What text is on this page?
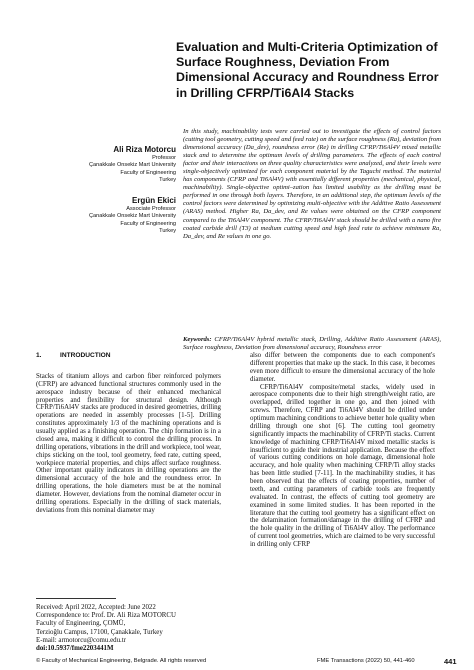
Evaluation and Multi-Criteria Optimization of Surface Roughness, Deviation From Dimensional Accuracy and Roundness Error in Drilling CFRP/Ti6Al4 Stacks
Ali Riza Motorcu
Professor
Çanakkale Onsekiz Mart University
Faculty of Engineering
Turkey
Ergün Ekici
Associate Professor
Çanakkale Onsekiz Mart University
Faculty of Engineering
Turkey
In this study, machinability tests were carried out to investigate the effects of control factors (cutting tool geometry, cutting speed and feed rate) on the surface roughness (Ra), deviation from dimensional accuracy (Da_dev), roundness error (Re) in drilling CFRP/Ti6Al4V mixed metallic stack and to determine the optimum levels of drilling parameters. The effects of each control factor and their interactions on three quality characteristics were analyzed, and their levels were single-objectively optimized for each component material by the Taguchi method. The material has components (CFRP and Ti6Al4V) with essentially different properties (mechanical, physical, machinability). Single-objective optimi–zation has limited usability as the drilling must be performed in one through both layers. Therefore, in an additional step, the optimum levels of the control factors were determined by optimizing multi-objective with the Additive Ratio Assessment (ARAS) method. Higher Ra, Da_dev, and Re values were obtained on the CFRP component compared to the Ti6Al4V component. The CFRP/Ti6Al4V stack should be drilled with a nano fire coated carbide drill (T3) at medium cutting speed and high feed rate to achieve minimum Ra, Da_dev, and Re values in one go.
Keywords: CFRP/Ti6Al4V hybrid metallic stack, Drilling, Additive Ratio Assessment (ARAS), Surface roughness, Deviation from dimensional accuracy, Roundness error
1.	INTRODUCTION

Stacks of titanium alloys and carbon fiber reinforced polymers (CFRP) are advanced functional structures commonly used in the aerospace industry because of their enhanced mechanical properties and flexibility for structural design. Although CFRP/Ti6Al4V stacks are produced in desired geometries, drilling operations are needed in assembly processes [1-5]. Drilling constitutes approximately 1/3 of the machining operations and is usually applied as a finishing operation. The chip formation is in a closed area, making it difficult to control the drilling process. In drilling operations, vibrations in the drill and workpiece, tool wear, chips sticking on the tool, tool geometry, feed rate, cutting speed, workpiece material properties, and chips affect surface roughness. Other important quality indicators in drilling operations are the dimensional accuracy of the hole and the roundness error. In drilling operations, the hole diameters must be at the nominal diameter. However, deviations from the nominal diameter occur in drilling operations. Especially in the drilling of stack materials, deviations from this nominal diameter may

also differ between the components due to each component's different properties that make up the stack. In this case, it becomes even more difficult to ensure the dimensional accuracy of the hole diameter.

CFRP/Ti6Al4V composite/metal stacks, widely used in aerospace components due to their high strength/weight ratio, are overlapped, drilled together in one go, and then joined with screws. Therefore, CFRP and Ti6Al4V should be drilled under optimum machining conditions to achieve better hole quality when drilling through one shot [6]. The cutting tool geometry significantly impacts the machinability of CFRP/Ti stacks. Current knowledge of machining CFRP/Ti6Al4V mixed metallic stacks is insufficient to guide their industrial application. Because the effect of various cutting conditions on hole damage, dimensional hole accuracy, and hole quality when machining CFRP/Ti alloy stacks has been little studied [7-11]. In the machinability studies, it has been observed that the effects of coating properties, number of teeth, and cutting parameters of carbide tools are frequently evaluated. In contrast, the effects of cutting tool geometry are examined in some limited studies. It has been reported in the literature that the cutting tool geometry has a significant effect on the delamination formation/damage in the drilling of CFRP and the hole quality in the drilling of Ti6Al4V alloy. The performance of current tool geometries, which are claimed to be very successful in drilling only CFRP

Received: April 2022, Accepted: June 2022
Correspondence to: Prof. Dr. Ali Riza MOTORCU
Faculty of Engineering, ÇOMÜ,
Terzioğlu Campus, 17100, Çanakkale, Turkey
E-mail: armotorcu@comu.edu.tr
doi:10.5937/fme2203441M
© Faculty of Mechanical Engineering, Belgrade. All rights reserved	FME Transactions (2022) 50, 441-460	441
